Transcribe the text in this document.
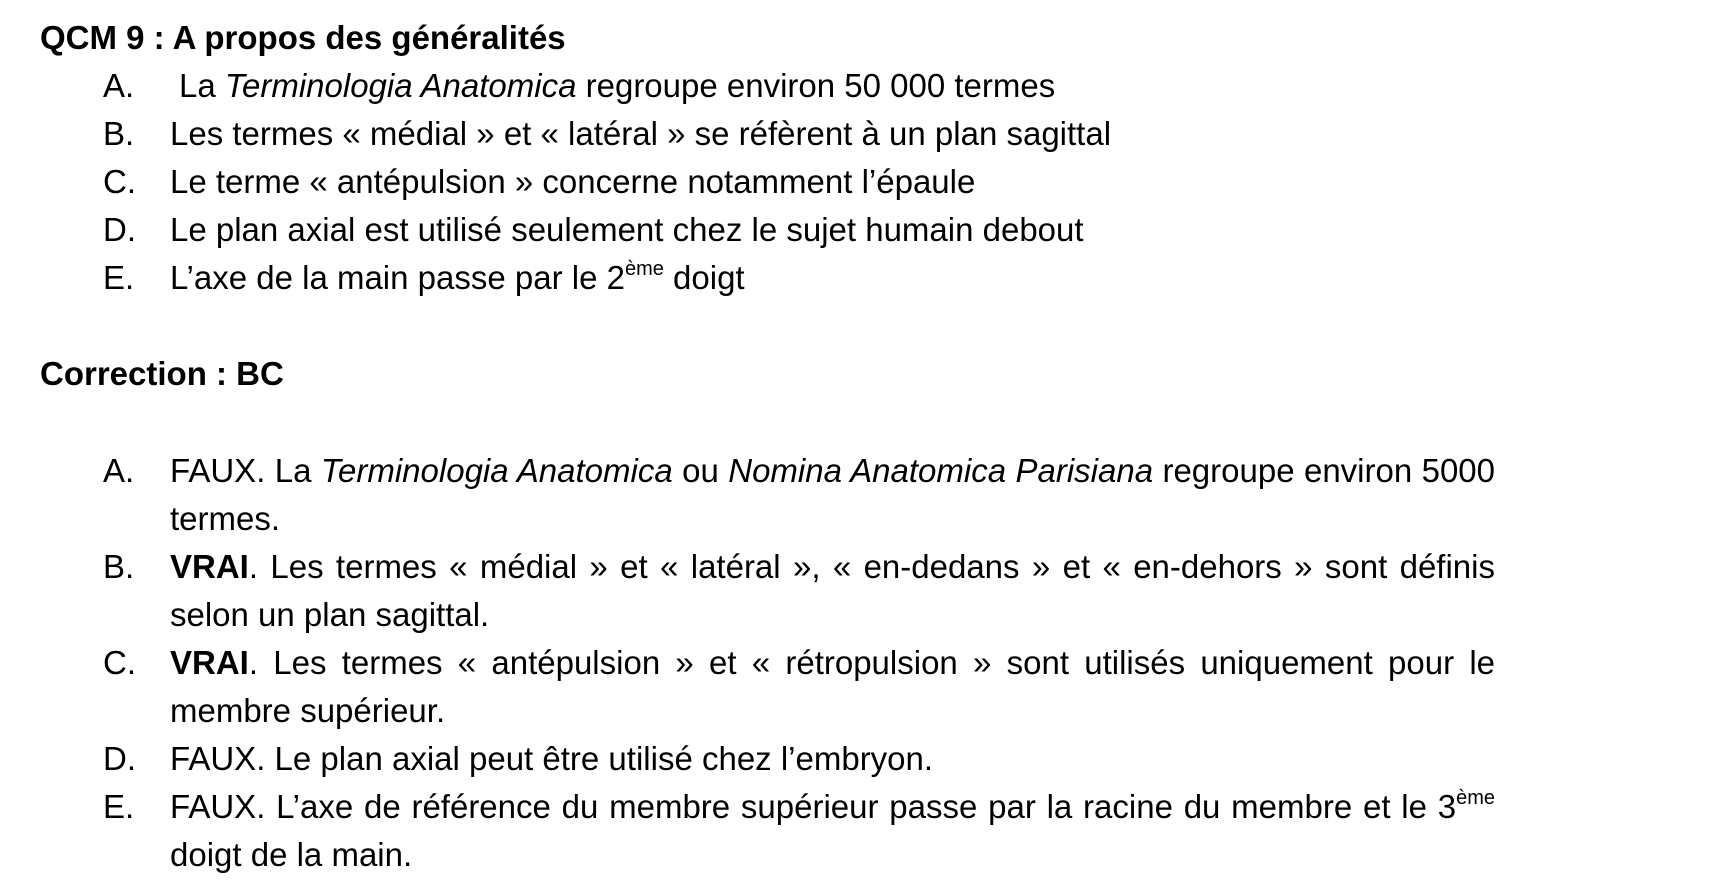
QCM 9 : A propos des généralités
A. La Terminologia Anatomica regroupe environ 50 000 termes
B. Les termes « médial » et « latéral » se réfèrent à un plan sagittal
C. Le terme « antépulsion » concerne notamment l’épaule
D. Le plan axial est utilisé seulement chez le sujet humain debout
E. L’axe de la main passe par le 2ème doigt
Correction : BC
A. FAUX. La Terminologia Anatomica ou Nomina Anatomica Parisiana regroupe environ 5000 termes.
B. VRAI. Les termes « médial » et « latéral », « en-dedans » et « en-dehors » sont définis selon un plan sagittal.
C. VRAI. Les termes « antépulsion » et « rétropulsion » sont utilisés uniquement pour le membre supérieur.
D. FAUX. Le plan axial peut être utilisé chez l’embryon.
E. FAUX. L’axe de référence du membre supérieur passe par la racine du membre et le 3ème doigt de la main.
